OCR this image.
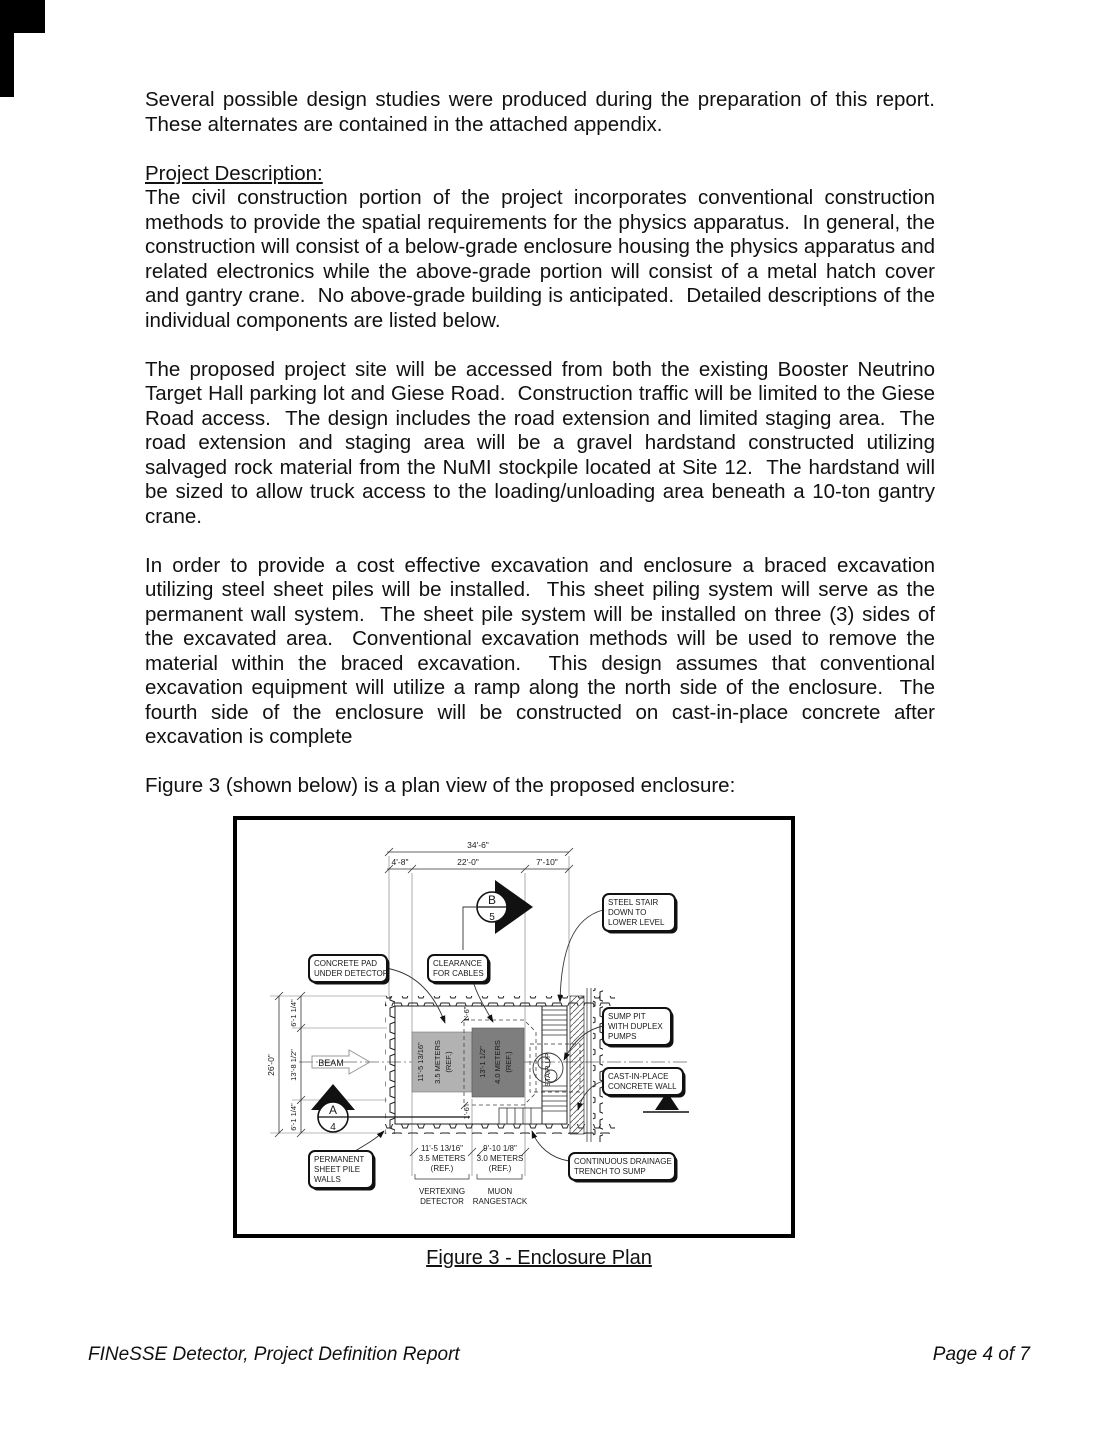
Several possible design studies were produced during the preparation of this report.  These alternates are contained in the attached appendix.

Project Description:

The civil construction portion of the project incorporates conventional construction methods to provide the spatial requirements for the physics apparatus.  In general, the construction will consist of a below-grade enclosure housing the physics apparatus and related electronics while the above-grade portion will consist of a metal hatch cover and gantry crane.  No above-grade building is anticipated.  Detailed descriptions of the individual components are listed below.

The proposed project site will be accessed from both the existing Booster Neutrino Target Hall parking lot and Giese Road.  Construction traffic will be limited to the Giese Road access.  The design includes the road extension and limited staging area.  The road extension and staging area will be a gravel hardstand constructed utilizing salvaged rock material from the NuMI stockpile located at Site 12.  The hardstand will be sized to allow truck access to the loading/unloading area beneath a 10-ton gantry crane.

In order to provide a cost effective excavation and enclosure a braced excavation utilizing steel sheet piles will be installed.  This sheet piling system will serve as the permanent wall system.  The sheet pile system will be installed on three (3) sides of the excavated area.  Conventional excavation methods will be used to remove the material within the braced excavation.  This design assumes that conventional excavation equipment will utilize a ramp along the north side of the enclosure.  The fourth side of the enclosure will be constructed on cast-in-place concrete after excavation is complete

Figure 3 (shown below) is a plan view of the proposed enclosure:

34'-6"
4'-8"	22'-0"	7'-10"
26'-0"
6'-1 1/4"
13'-8 1/2"
6'-1 1/4"
STAIR UP
11'-5 13/16" 3.5 METERS (REF.)	13'-1 1/2" 4.0 METERS (REF.)
1'-6"
1'-6"
BEAM
B
5
A
4
CONCRETE PAD
UNDER DETECTOR
CLEARANCE
FOR CABLES
STEEL STAIR
DOWN TO
LOWER LEVEL
SUMP PIT
WITH DUPLEX
PUMPS
CAST-IN-PLACE
CONCRETE WALL
PERMANENT
SHEET PILE
WALLS
CONTINUOUS DRAINAGE
TRENCH TO SUMP
11'-5 13/16"
3.5 METERS
(REF.)
9'-10 1/8"
3.0 METERS
(REF.)
VERTEXING
DETECTOR
MUON
RANGESTACK
Figure 3 - Enclosure Plan
FINeSSE Detector, Project Definition Report	Page 4 of 7
